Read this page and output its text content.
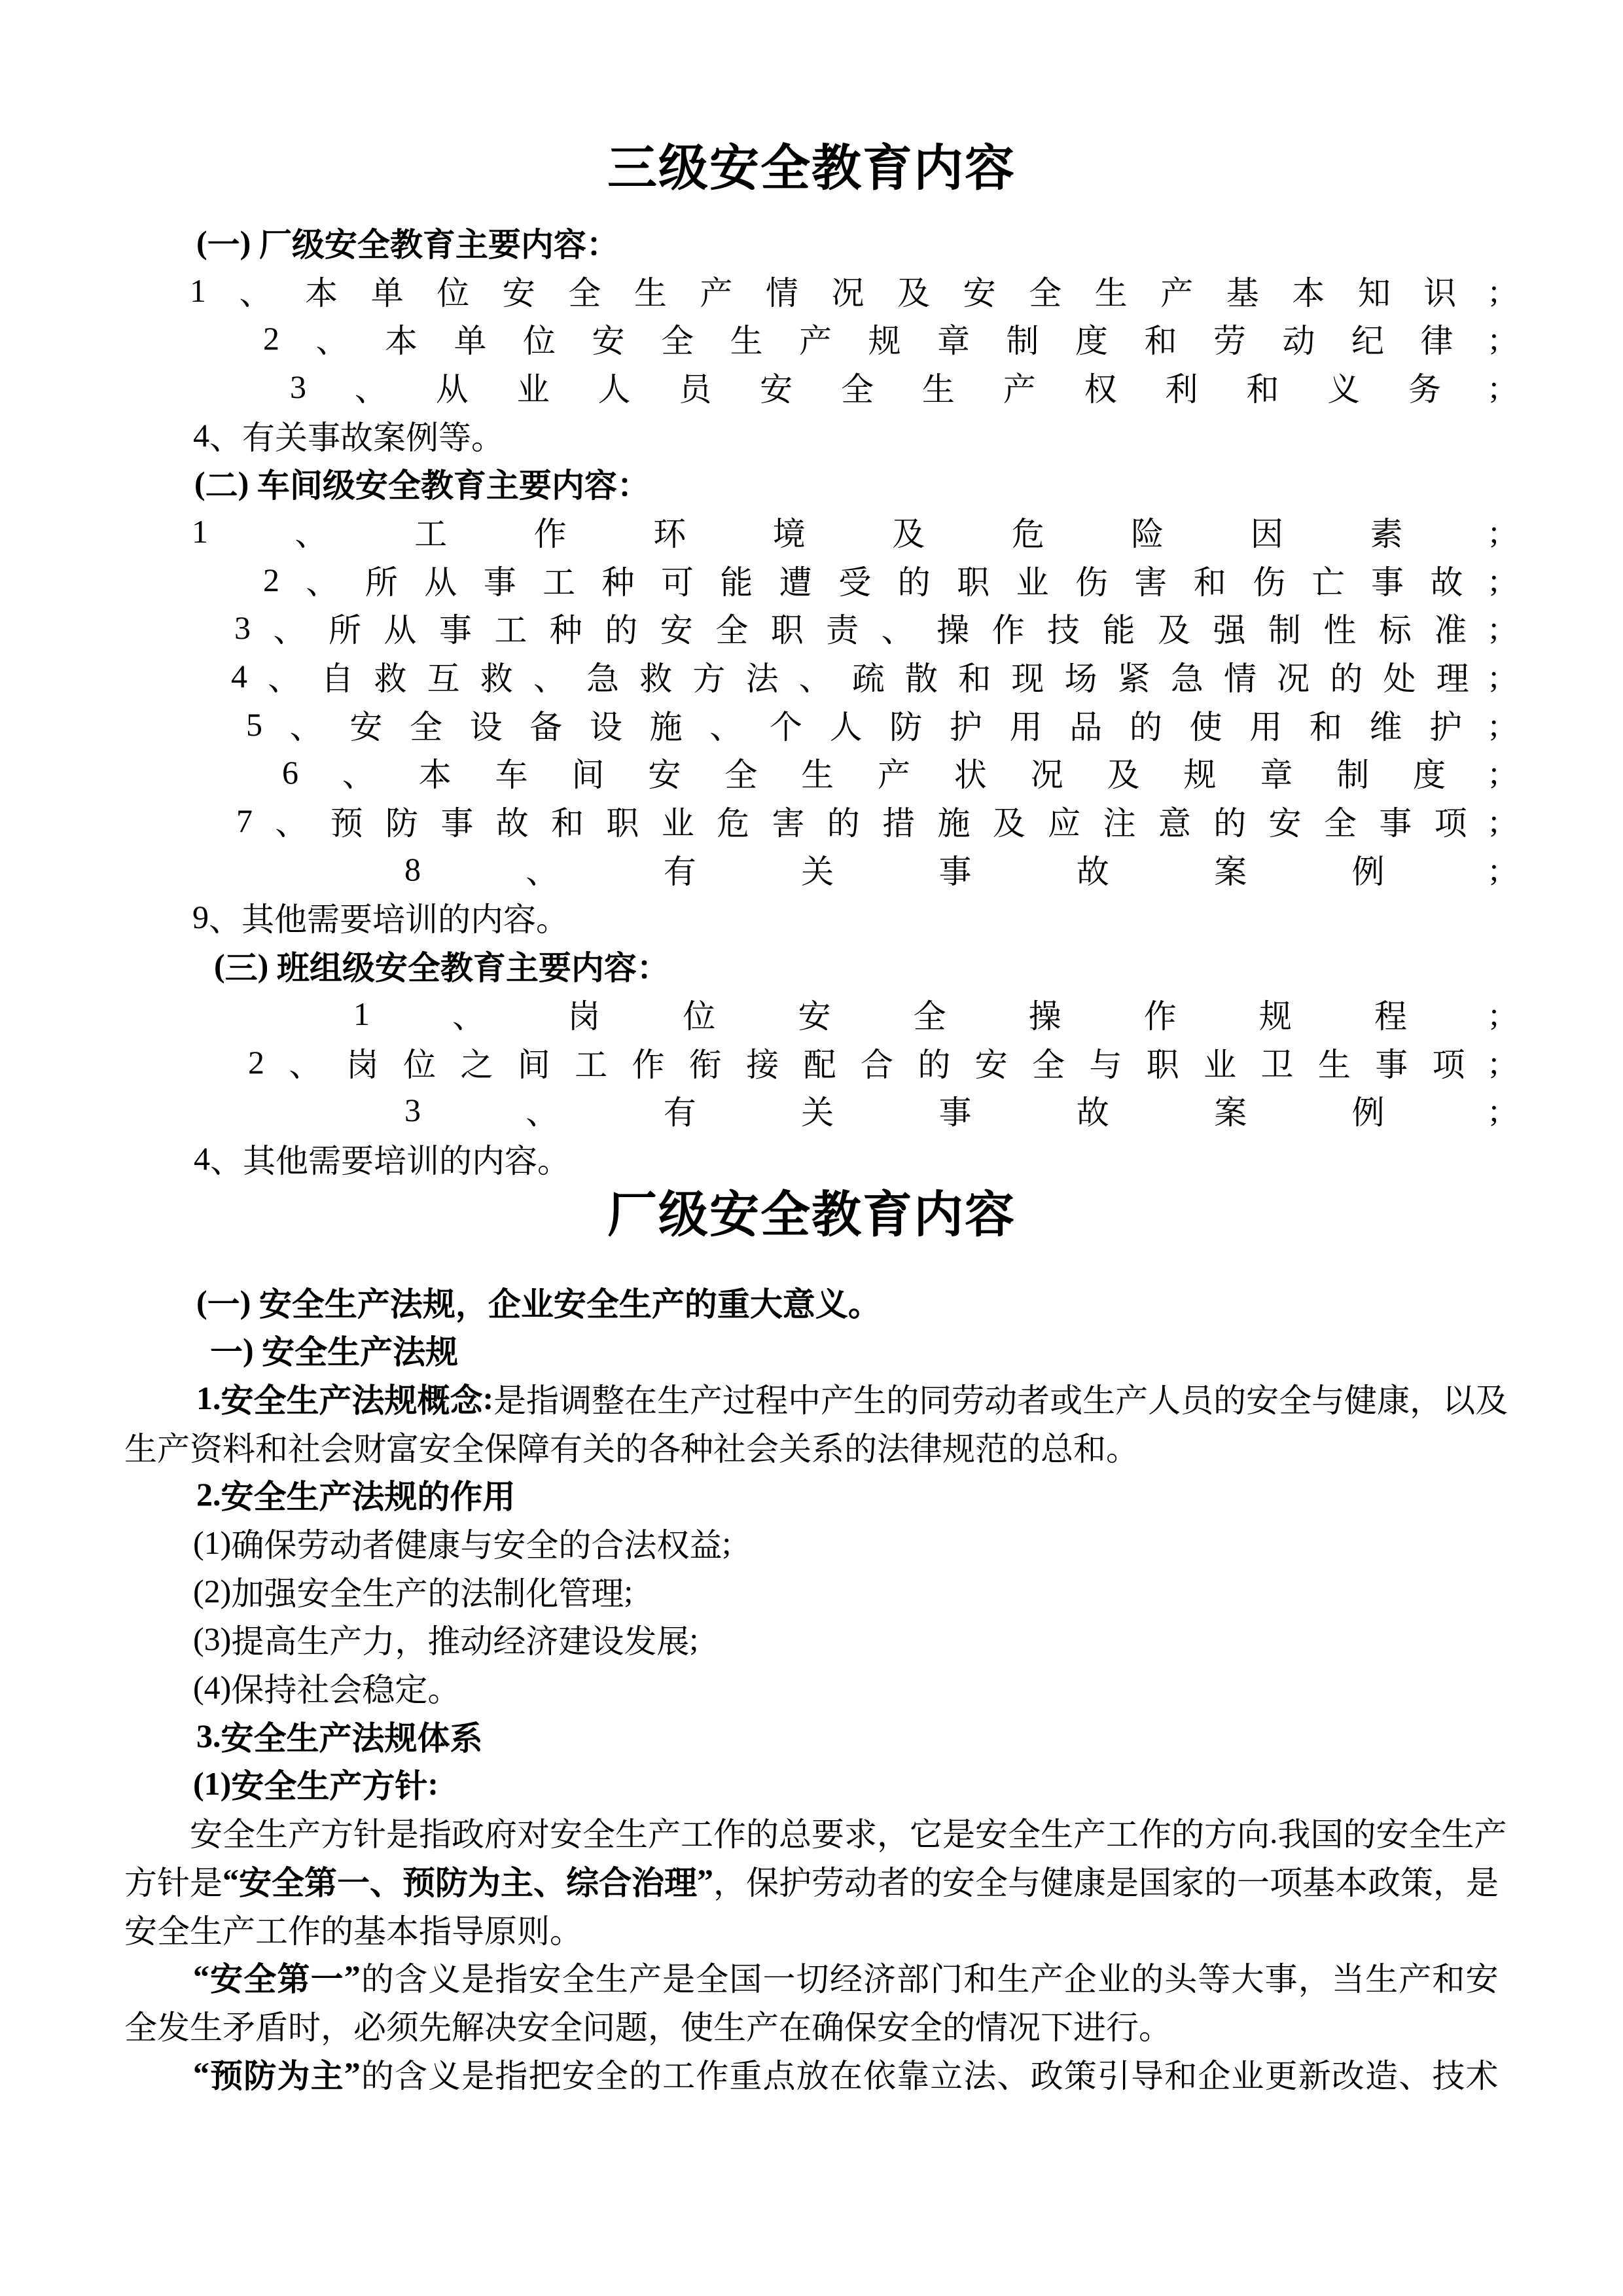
三级安全教育内容
( 一 )
厂 级 安 全 教 育 主 要 内 容 ：
1 、 本 单 位 安 全 生 产 情 况 及 安 全 生 产 基 本 知 识 ;
2 、 本 单 位 安 全 生 产 规 章 制 度 和 劳 动 纪 律 ;
3 、 从 业 人 员 安 全 生 产 权 利 和 义 务 ;
4 、 有 关 事 故 案 例 等 。
( 二 )
车 间 级 安 全 教 育 主 要 内 容 ：
1	、	工	作	环	境	及	危	险	因	素	;
2 、 所 从 事 工 种 可 能 遭 受 的 职 业 伤 害 和 伤 亡 事 故 ;
3 、 所 从 事 工 种 的 安 全 职 责 、 操 作 技 能 及 强 制 性 标 准 ;
4 、 自 救 互 救 、 急 救 方 法 、 疏 散 和 现 场 紧 急 情 况 的 处 理 ;
5 、 安 全 设 备 设 施 、 个 人 防 护 用 品 的 使 用 和 维 护 ;
6 、 本 车 间 安 全 生 产 状 况 及 规 章 制 度 ;
7 、 预 防 事 故 和 职 业 危 害 的 措 施 及 应 注 意 的 安 全 事 项 ;
8	、	有	关	事	故	案	例	;
9 、 其 他 需 要 培 训 的 内 容 。
( 三 )
班 组 级 安 全 教 育 主 要 内 容 ：
1	、	岗	位	安	全	操	作	规	程	;
2 、 岗 位 之 间 工 作 衔 接 配 合 的 安 全 与 职 业 卫 生 事 项 ;
3	、	有	关	事	故	案	例	;
4 、 其 他 需 要 培 训 的 内 容 。
厂级安全教育内容
( 一 )
安 全 生 产 法 规 ， 企 业 安 全 生 产 的 重 大 意 义 。
一 )
安 全 生 产 法 规
1 . 安 全 生 产 法 规 概 念 : 是 指 调 整 在 生 产 过 程 中 产 生 的 同 劳 动 者 或 生 产 人 员 的 安 全 与 健 康 ， 以 及
生 产 资 料 和 社 会 财 富 安 全 保 障 有 关 的 各 种 社 会 关 系 的 法 律 规 范 的 总 和 。
2 . 安 全 生 产 法 规 的 作 用
( 1 ) 确 保 劳 动 者 健 康 与 安 全 的 合 法 权 益 ;
( 2 ) 加 强 安 全 生 产 的 法 制 化 管 理 ;
( 3 ) 提 高 生 产 力 ， 推 动 经 济 建 设 发 展 ;
( 4 ) 保 持 社 会 稳 定 。
3 . 安 全 生 产 法 规 体 系
( 1 ) 安 全 生 产 方 针 :
安 全 生 产 方 针 是 指 政 府 对 安 全 生 产 工 作 的 总 要 求 ， 它 是 安 全 生 产 工 作 的 方 向 . 我 国 的 安 全 生 产
方 针 是 “ 安 全 第 一 、 预 防 为 主 、 综 合 治 理 ” ， 保 护 劳 动 者 的 安 全 与 健 康 是 国 家 的 一 项 基 本 政 策 ， 是
安 全 生 产 工 作 的 基 本 指 导 原 则 。
“ 安 全 第 一 ” 的 含 义 是 指 安 全 生 产 是 全 国 一 切 经 济 部 门 和 生 产 企 业 的 头 等 大 事 ， 当 生 产 和 安
全 发 生 矛 盾 时 ， 必 须 先 解 决 安 全 问 题 ， 使 生 产 在 确 保 安 全 的 情 况 下 进 行 。
“ 预 防 为 主 ” 的 含 义 是 指 把 安 全 的 工 作 重 点 放 在 依 靠 立 法 、 政 策 引 导 和 企 业 更 新 改 造 、 技 术
